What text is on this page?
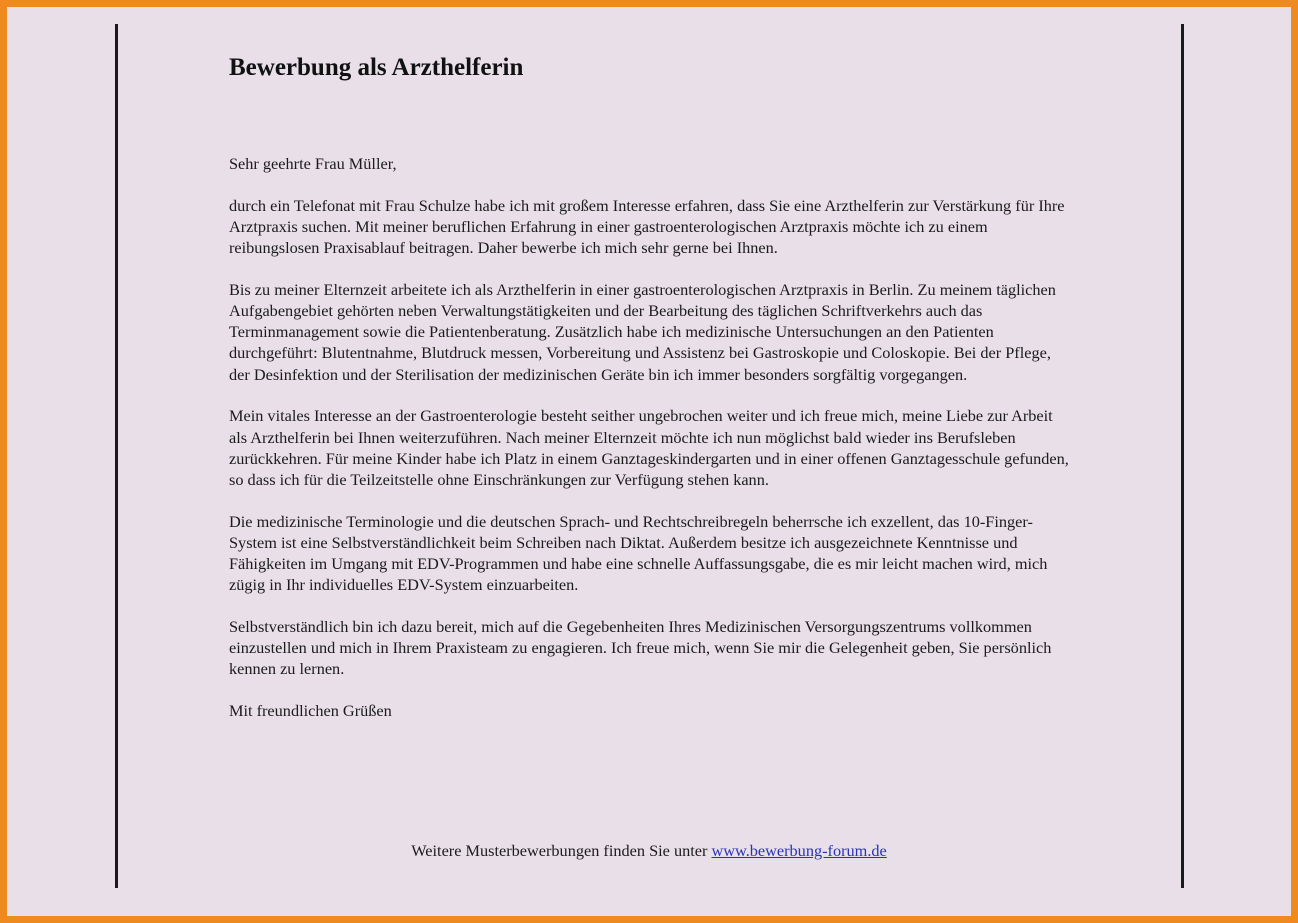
Bewerbung als Arzthelferin

Sehr geehrte Frau Müller,

durch ein Telefonat mit Frau Schulze habe ich mit großem Interesse erfahren, dass Sie eine Arzthelferin zur Verstärkung für Ihre Arztpraxis suchen. Mit meiner beruflichen Erfahrung in einer gastroenterologischen Arztpraxis möchte ich zu einem reibungslosen Praxisablauf beitragen. Daher bewerbe ich mich sehr gerne bei Ihnen.

Bis zu meiner Elternzeit arbeitete ich als Arzthelferin in einer gastroenterologischen Arztpraxis in Berlin. Zu meinem täglichen Aufgabengebiet gehörten neben Verwaltungstätigkeiten und der Bearbeitung des täglichen Schriftverkehrs auch das Terminmanagement sowie die Patientenberatung. Zusätzlich habe ich medizinische Untersuchungen an den Patienten durchgeführt: Blutentnahme, Blutdruck messen, Vorbereitung und Assistenz bei Gastroskopie und Coloskopie. Bei der Pflege, der Desinfektion und der Sterilisation der medizinischen Geräte bin ich immer besonders sorgfältig vorgegangen.

Mein vitales Interesse an der Gastroenterologie besteht seither ungebrochen weiter und ich freue mich, meine Liebe zur Arbeit als Arzthelferin bei Ihnen weiterzuführen. Nach meiner Elternzeit möchte ich nun möglichst bald wieder ins Berufsleben zurückkehren. Für meine Kinder habe ich Platz in einem Ganztageskindergarten und in einer offenen Ganztagesschule gefunden, so dass ich für die Teilzeitstelle ohne Einschränkungen zur Verfügung stehen kann.

Die medizinische Terminologie und die deutschen Sprach- und Rechtschreibregeln beherrsche ich exzellent, das 10-Finger-System ist eine Selbstverständlichkeit beim Schreiben nach Diktat. Außerdem besitze ich ausgezeichnete Kenntnisse und Fähigkeiten im Umgang mit EDV-Programmen und habe eine schnelle Auffassungsgabe, die es mir leicht machen wird, mich zügig in Ihr individuelles EDV-System einzuarbeiten.

Selbstverständlich bin ich dazu bereit, mich auf die Gegebenheiten Ihres Medizinischen Versorgungszentrums vollkommen einzustellen und mich in Ihrem Praxisteam zu engagieren. Ich freue mich, wenn Sie mir die Gelegenheit geben, Sie persönlich kennen zu lernen.

Mit freundlichen Grüßen

Weitere Musterbewerbungen finden Sie unter www.bewerbung-forum.de
